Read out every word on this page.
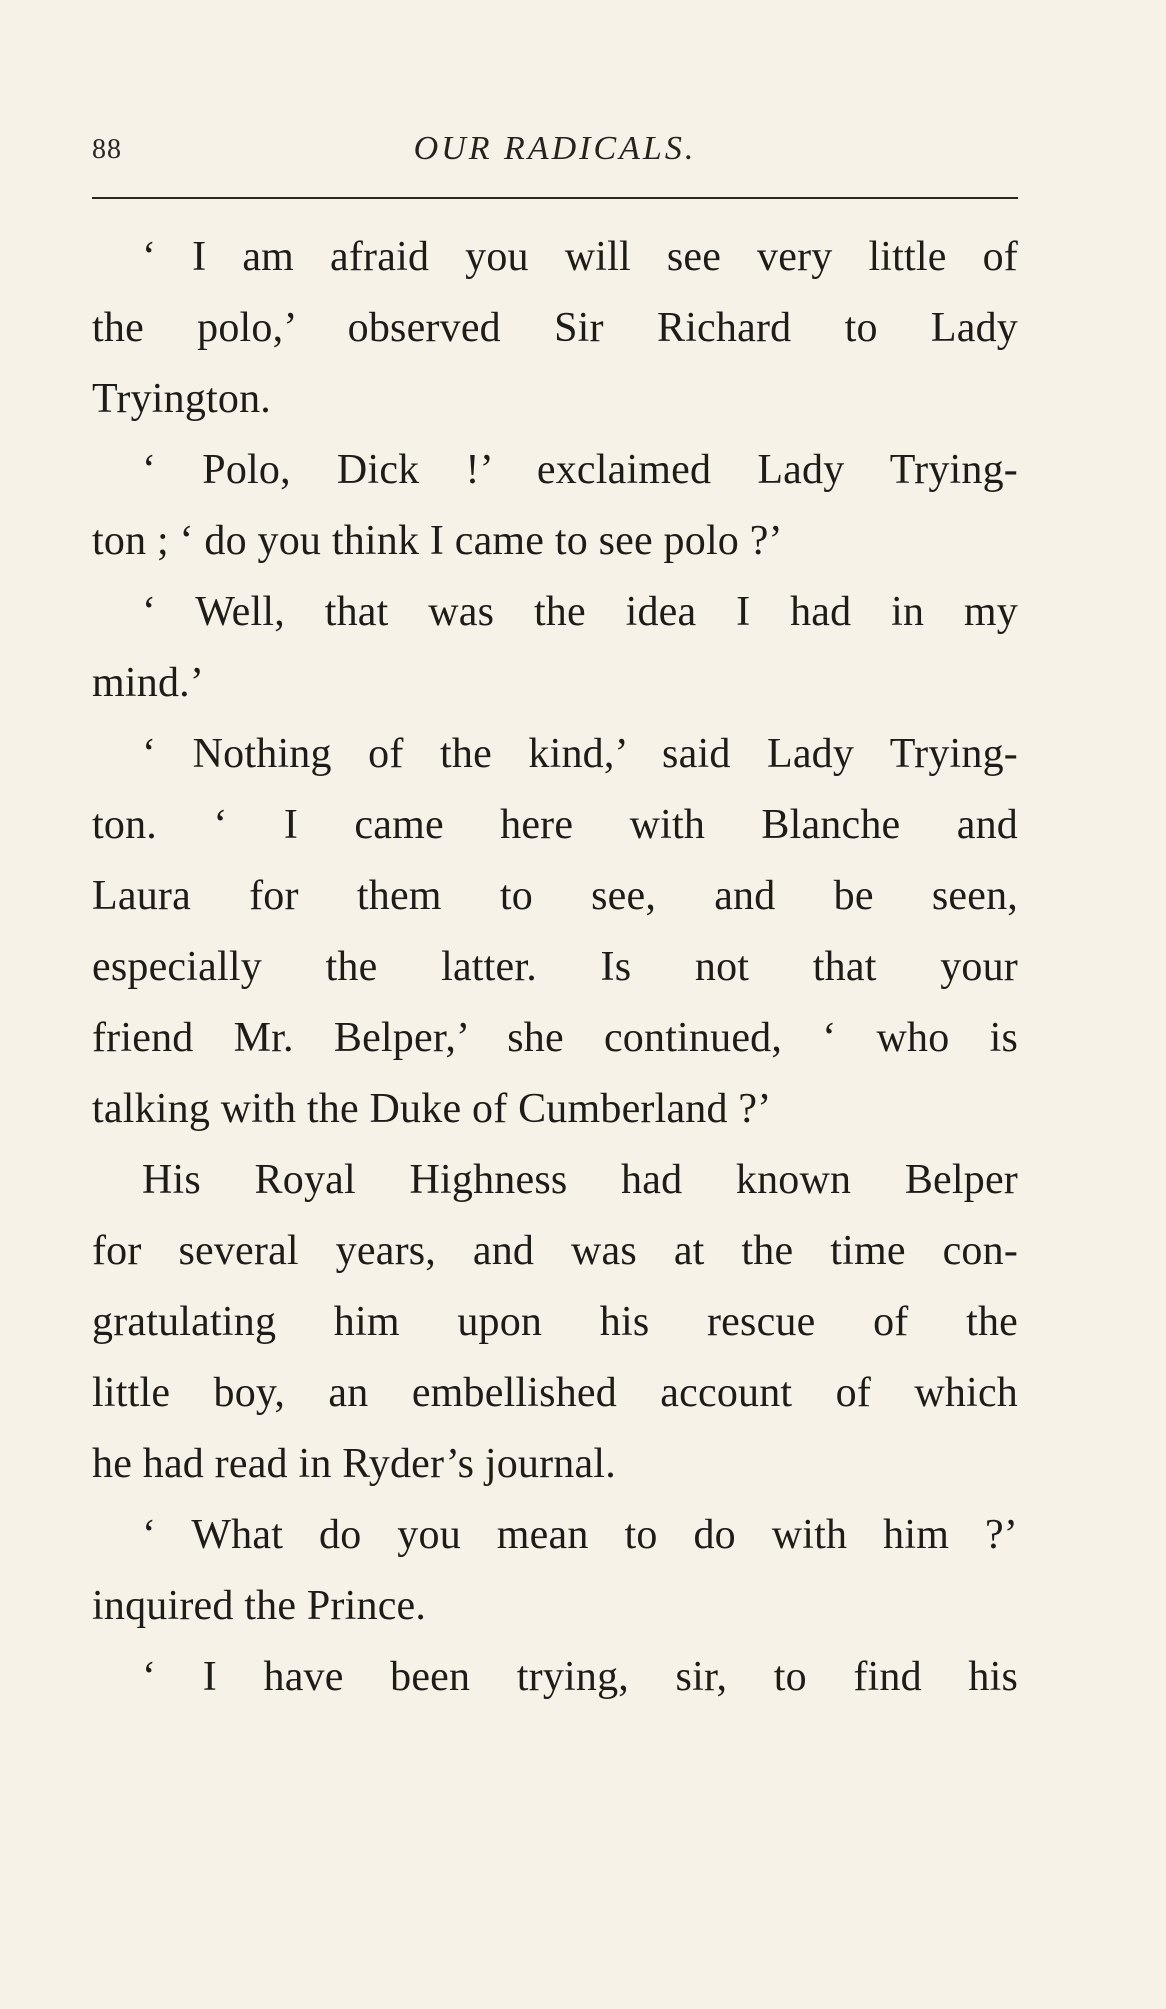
88	OUR RADICALS.
‘ I am afraid you will see very little of
the polo,’ observed Sir Richard to Lady
Tryington.
‘ Polo, Dick !’ exclaimed Lady Trying-
ton ; ‘ do you think I came to see polo ?’
‘ Well, that was the idea I had in my
mind.’
‘ Nothing of the kind,’ said Lady Trying-
ton. ‘ I came here with Blanche and
Laura for them to see, and be seen,
especially the latter. Is not that your
friend Mr. Belper,’ she continued, ‘ who is
talking with the Duke of Cumberland ?’
His Royal Highness had known Belper
for several years, and was at the time con-
gratulating him upon his rescue of the
little boy, an embellished account of which
he had read in Ryder’s journal.
‘ What do you mean to do with him ?’
inquired the Prince.
‘ I have been trying, sir, to find his
